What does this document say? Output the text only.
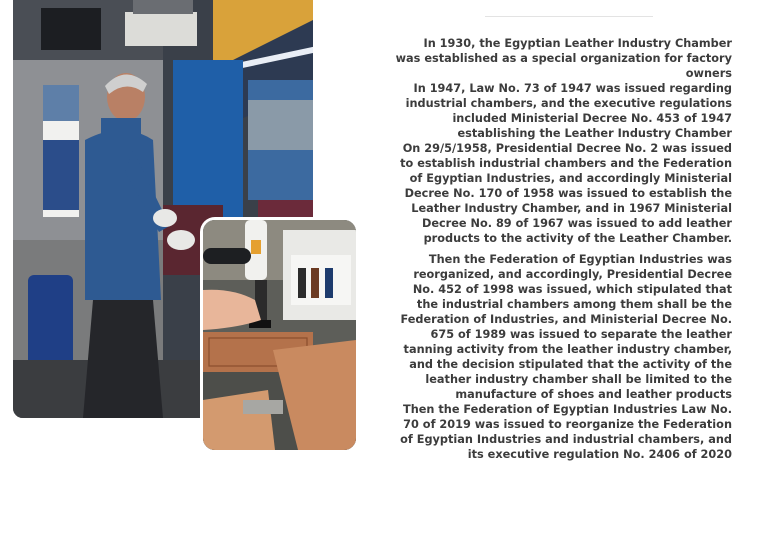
In 1930, the Egyptian Leather Industry Chamber was established as a special organization for factory owners

In 1947, Law No. 73 of 1947 was issued regarding industrial chambers, and the executive regulations included Ministerial Decree No. 453 of 1947 establishing the Leather Industry Chamber

On 29/5/1958, Presidential Decree No. 2 was issued to establish industrial chambers and the Federation of Egyptian Industries, and accordingly Ministerial Decree No. 170 of 1958 was issued to establish the Leather Industry Chamber, and in 1967 Ministerial Decree No. 89 of 1967 was issued to add leather products to the activity of the Leather Chamber.

Then the Federation of Egyptian Industries was reorganized, and accordingly, Presidential Decree No. 452 of 1998 was issued, which stipulated that the industrial chambers among them shall be the Federation of Industries, and Ministerial Decree No. 675 of 1989 was issued to separate the leather tanning activity from the leather industry chamber, and the decision stipulated that the activity of the leather industry chamber shall be limited to the manufacture of shoes and leather products

Then the Federation of Egyptian Industries Law No. 70 of 2019 was issued to reorganize the Federation of Egyptian Industries and industrial chambers, and its executive regulation No. 2406 of 2020
